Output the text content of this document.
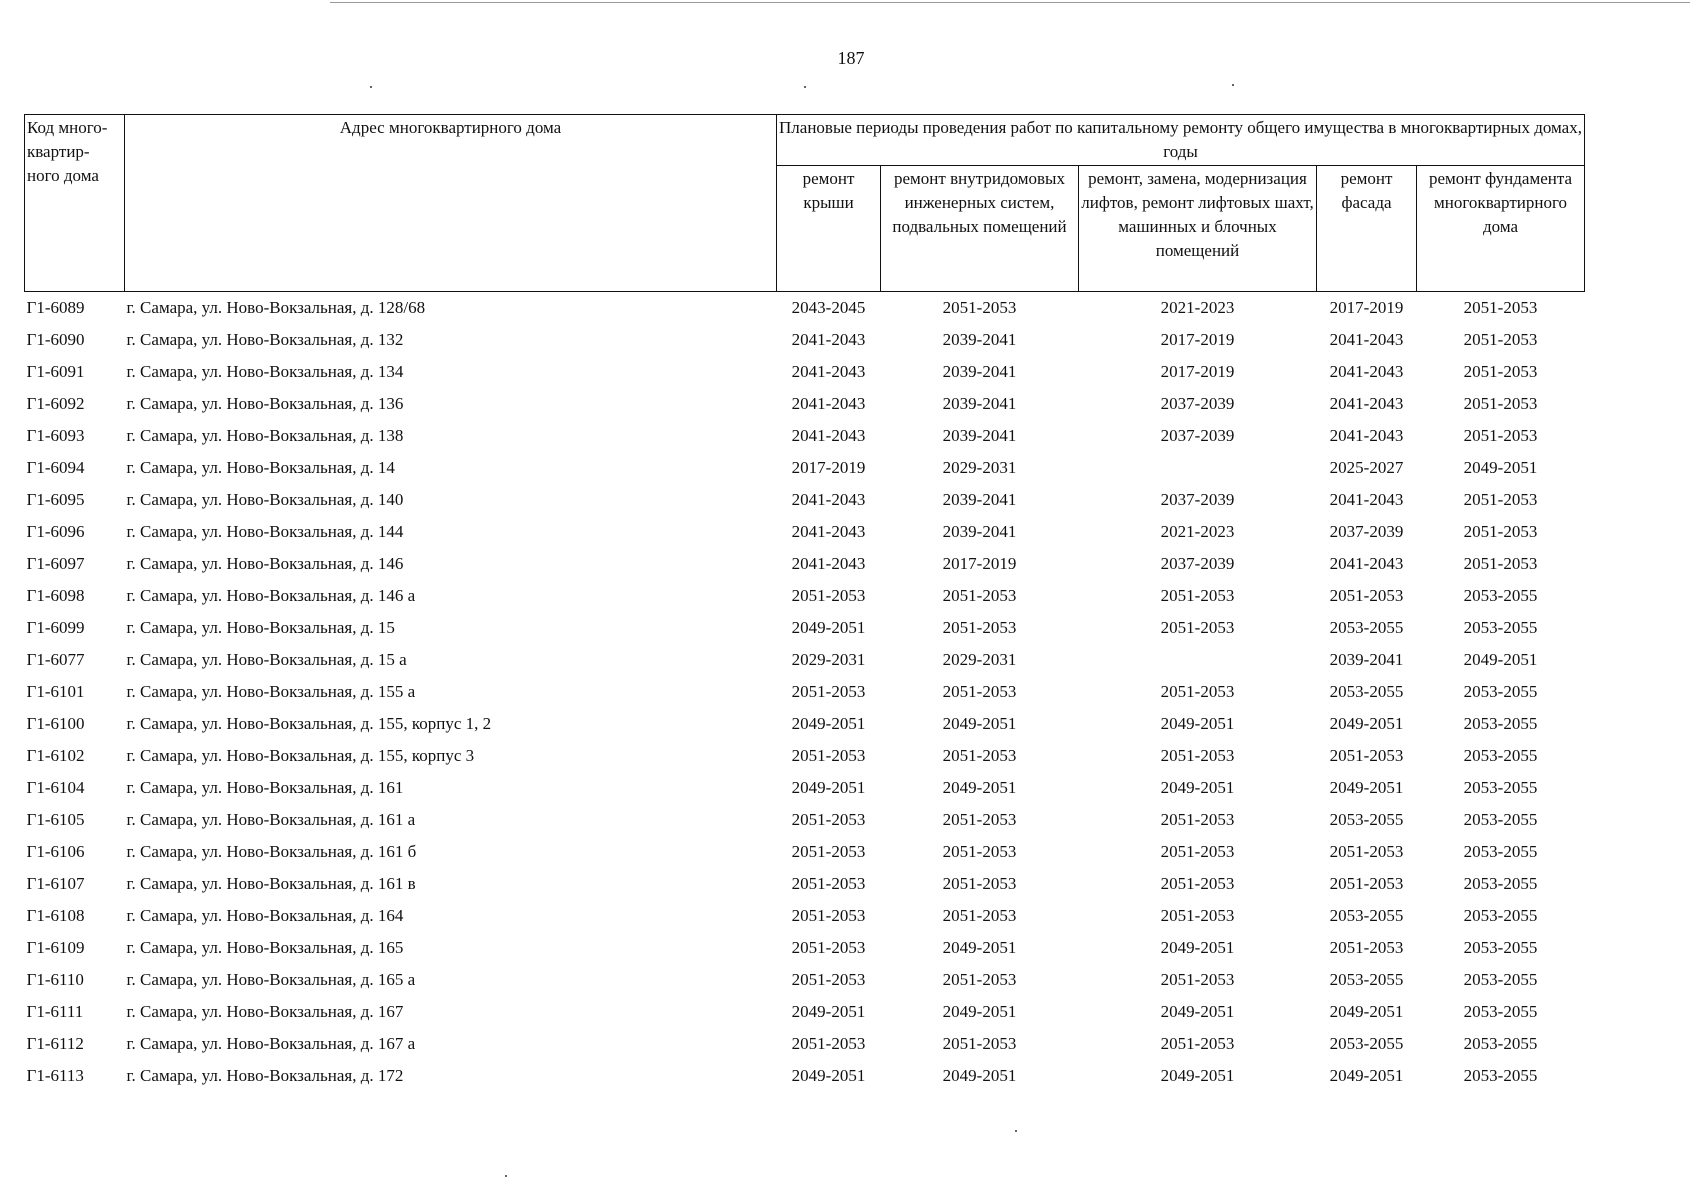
187
Код много-квартир-ного дома	Адрес многоквартирного дома	Плановые периоды проведения работ по капитальному ремонту общего имущества в многоквартирных домах, годы				
		ремонт крыши	ремонт внутридомовых инженерных систем, подвальных помещений	ремонт, замена, модернизация лифтов, ремонт лифтовых шахт, машинных и блочных помещений	ремонт фасада	ремонт фундамента многоквартирного дома
Г1-6089	г. Самара, ул. Ново-Вокзальная, д. 128/68	2043-2045	2051-2053	2021-2023	2017-2019	2051-2053
Г1-6090	г. Самара, ул. Ново-Вокзальная, д. 132	2041-2043	2039-2041	2017-2019	2041-2043	2051-2053
Г1-6091	г. Самара, ул. Ново-Вокзальная, д. 134	2041-2043	2039-2041	2017-2019	2041-2043	2051-2053
Г1-6092	г. Самара, ул. Ново-Вокзальная, д. 136	2041-2043	2039-2041	2037-2039	2041-2043	2051-2053
Г1-6093	г. Самара, ул. Ново-Вокзальная, д. 138	2041-2043	2039-2041	2037-2039	2041-2043	2051-2053
Г1-6094	г. Самара, ул. Ново-Вокзальная, д. 14	2017-2019	2029-2031		2025-2027	2049-2051
Г1-6095	г. Самара, ул. Ново-Вокзальная, д. 140	2041-2043	2039-2041	2037-2039	2041-2043	2051-2053
Г1-6096	г. Самара, ул. Ново-Вокзальная, д. 144	2041-2043	2039-2041	2021-2023	2037-2039	2051-2053
Г1-6097	г. Самара, ул. Ново-Вокзальная, д. 146	2041-2043	2017-2019	2037-2039	2041-2043	2051-2053
Г1-6098	г. Самара, ул. Ново-Вокзальная, д. 146 а	2051-2053	2051-2053	2051-2053	2051-2053	2053-2055
Г1-6099	г. Самара, ул. Ново-Вокзальная, д. 15	2049-2051	2051-2053	2051-2053	2053-2055	2053-2055
Г1-6077	г. Самара, ул. Ново-Вокзальная, д. 15 а	2029-2031	2029-2031		2039-2041	2049-2051
Г1-6101	г. Самара, ул. Ново-Вокзальная, д. 155 а	2051-2053	2051-2053	2051-2053	2053-2055	2053-2055
Г1-6100	г. Самара, ул. Ново-Вокзальная, д. 155, корпус 1, 2	2049-2051	2049-2051	2049-2051	2049-2051	2053-2055
Г1-6102	г. Самара, ул. Ново-Вокзальная, д. 155, корпус 3	2051-2053	2051-2053	2051-2053	2051-2053	2053-2055
Г1-6104	г. Самара, ул. Ново-Вокзальная, д. 161	2049-2051	2049-2051	2049-2051	2049-2051	2053-2055
Г1-6105	г. Самара, ул. Ново-Вокзальная, д. 161 а	2051-2053	2051-2053	2051-2053	2053-2055	2053-2055
Г1-6106	г. Самара, ул. Ново-Вокзальная, д. 161 б	2051-2053	2051-2053	2051-2053	2051-2053	2053-2055
Г1-6107	г. Самара, ул. Ново-Вокзальная, д. 161 в	2051-2053	2051-2053	2051-2053	2051-2053	2053-2055
Г1-6108	г. Самара, ул. Ново-Вокзальная, д. 164	2051-2053	2051-2053	2051-2053	2053-2055	2053-2055
Г1-6109	г. Самара, ул. Ново-Вокзальная, д. 165	2051-2053	2049-2051	2049-2051	2051-2053	2053-2055
Г1-6110	г. Самара, ул. Ново-Вокзальная, д. 165 а	2051-2053	2051-2053	2051-2053	2053-2055	2053-2055
Г1-6111	г. Самара, ул. Ново-Вокзальная, д. 167	2049-2051	2049-2051	2049-2051	2049-2051	2053-2055
Г1-6112	г. Самара, ул. Ново-Вокзальная, д. 167 а	2051-2053	2051-2053	2051-2053	2053-2055	2053-2055
Г1-6113	г. Самара, ул. Ново-Вокзальная, д. 172	2049-2051	2049-2051	2049-2051	2049-2051	2053-2055
